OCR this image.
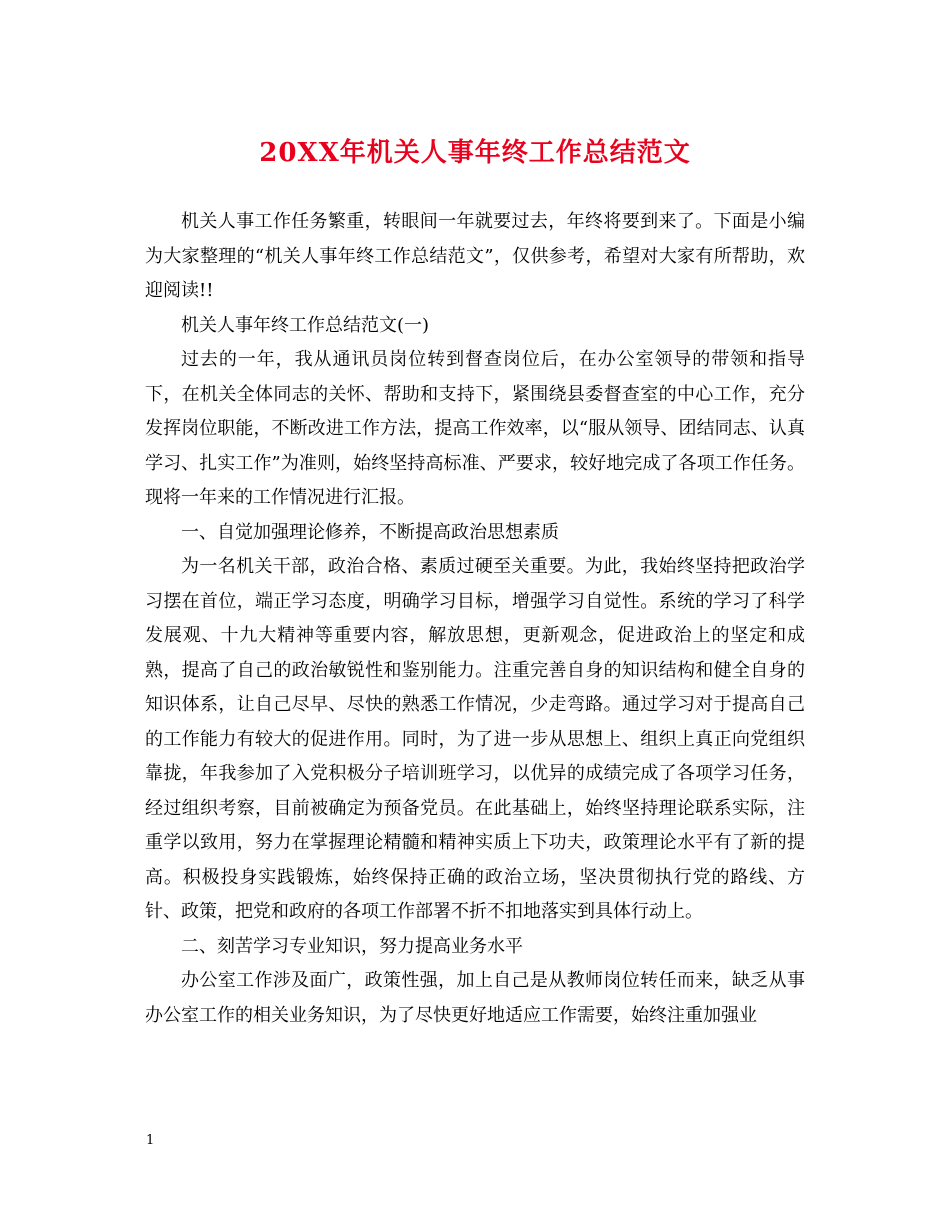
20XX年机关人事年终工作总结范文

机关人事工作任务繁重，转眼间一年就要过去，年终将要到来了。下面是小编为大家整理的“机关人事年终工作总结范文”，仅供参考，希望对大家有所帮助，欢迎阅读!!

机关人事年终工作总结范文(一)

过去的一年，我从通讯员岗位转到督查岗位后，在办公室领导的带领和指导下，在机关全体同志的关怀、帮助和支持下，紧围绕县委督查室的中心工作，充分发挥岗位职能，不断改进工作方法，提高工作效率，以“服从领导、团结同志、认真学习、扎实工作”为准则，始终坚持高标准、严要求，较好地完成了各项工作任务。现将一年来的工作情况进行汇报。

一、自觉加强理论修养，不断提高政治思想素质

为一名机关干部，政治合格、素质过硬至关重要。为此，我始终坚持把政治学习摆在首位，端正学习态度，明确学习目标，增强学习自觉性。系统的学习了科学发展观、十九大精神等重要内容，解放思想，更新观念，促进政治上的坚定和成熟，提高了自己的政治敏锐性和鉴别能力。注重完善自身的知识结构和健全自身的知识体系，让自己尽早、尽快的熟悉工作情况，少走弯路。通过学习对于提高自己的工作能力有较大的促进作用。同时，为了进一步从思想上、组织上真正向党组织靠拢，年我参加了入党积极分子培训班学习，以优异的成绩完成了各项学习任务，经过组织考察，目前被确定为预备党员。在此基础上，始终坚持理论联系实际，注重学以致用，努力在掌握理论精髓和精神实质上下功夫，政策理论水平有了新的提高。积极投身实践锻炼，始终保持正确的政治立场，坚决贯彻执行党的路线、方针、政策，把党和政府的各项工作部署不折不扣地落实到具体行动上。

二、刻苦学习专业知识，努力提高业务水平

办公室工作涉及面广，政策性强，加上自己是从教师岗位转任而来，缺乏从事办公室工作的相关业务知识，为了尽快更好地适应工作需要，始终注重加强业

1
